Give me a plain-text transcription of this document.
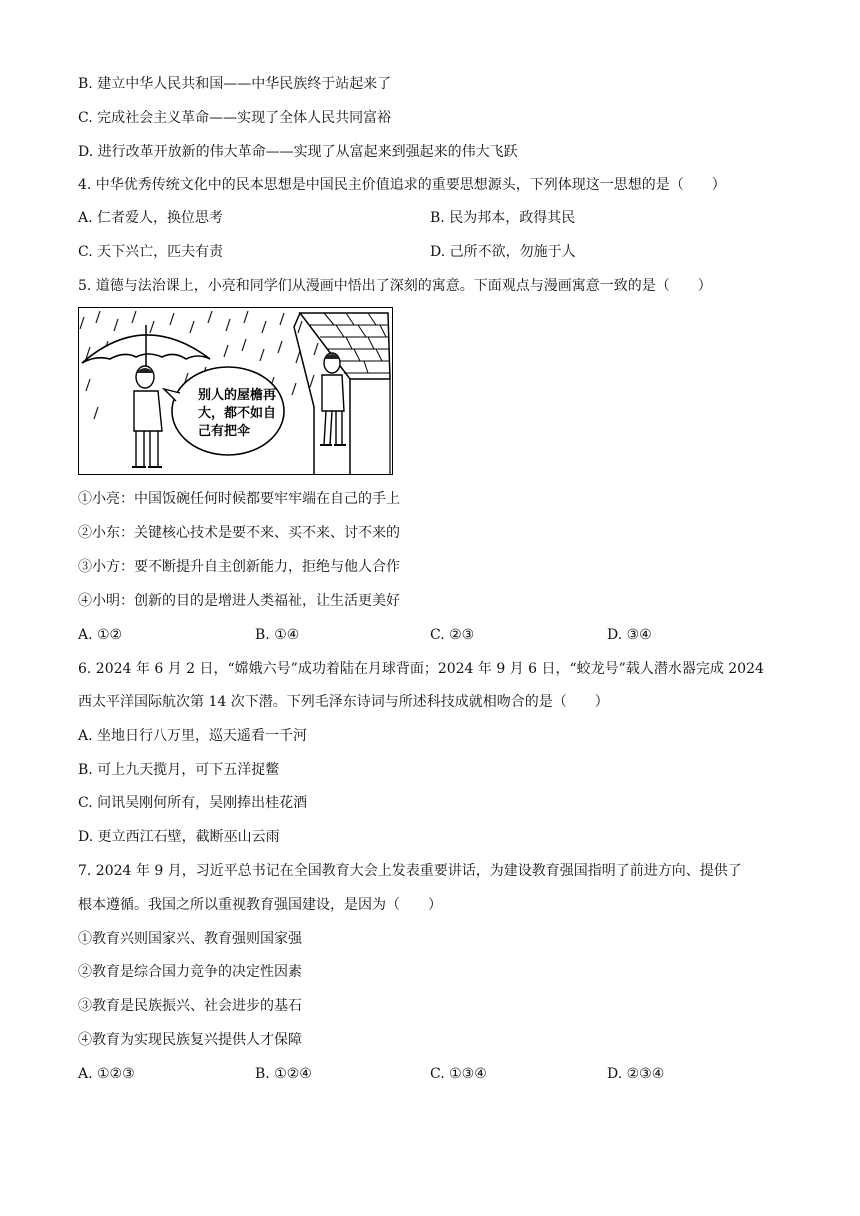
B. 建立中华人民共和国——中华民族终于站起来了
C. 完成社会主义革命——实现了全体人民共同富裕
D. 进行改革开放新的伟大革命——实现了从富起来到强起来的伟大飞跃
4. 中华优秀传统文化中的民本思想是中国民主价值追求的重要思想源头，下列体现这一思想的是（　　）
A. 仁者爱人，换位思考	B. 民为邦本，政得其民
C. 天下兴亡，匹夫有责	D. 己所不欲，勿施于人
5. 道德与法治课上，小亮和同学们从漫画中悟出了深刻的寓意。下面观点与漫画寓意一致的是（　　）
别人的屋檐再
大，都不如自
己有把伞
①小亮：中国饭碗任何时候都要牢牢端在自己的手上
②小东：关键核心技术是要不来、买不来、讨不来的
③小方：要不断提升自主创新能力，拒绝与他人合作
④小明：创新的目的是增进人类福祉，让生活更美好
A. ①②	B. ①④	C. ②③	D. ③④
6. 2024 年 6 月 2 日，“嫦娥六号”成功着陆在月球背面；2024 年 9 月 6 日，“蛟龙号”载人潜水器完成 2024
西太平洋国际航次第 14 次下潜。下列毛泽东诗词与所述科技成就相吻合的是（　　）
A. 坐地日行八万里，巡天遥看一千河
B. 可上九天揽月，可下五洋捉鳖
C. 问讯吴刚何所有，吴刚捧出桂花酒
D. 更立西江石壁，截断巫山云雨
7. 2024 年 9 月，习近平总书记在全国教育大会上发表重要讲话，为建设教育强国指明了前进方向、提供了
根本遵循。我国之所以重视教育强国建设，是因为（　　）
①教育兴则国家兴、教育强则国家强
②教育是综合国力竞争的决定性因素
③教育是民族振兴、社会进步的基石
④教育为实现民族复兴提供人才保障
A. ①②③	B. ①②④	C. ①③④	D. ②③④
